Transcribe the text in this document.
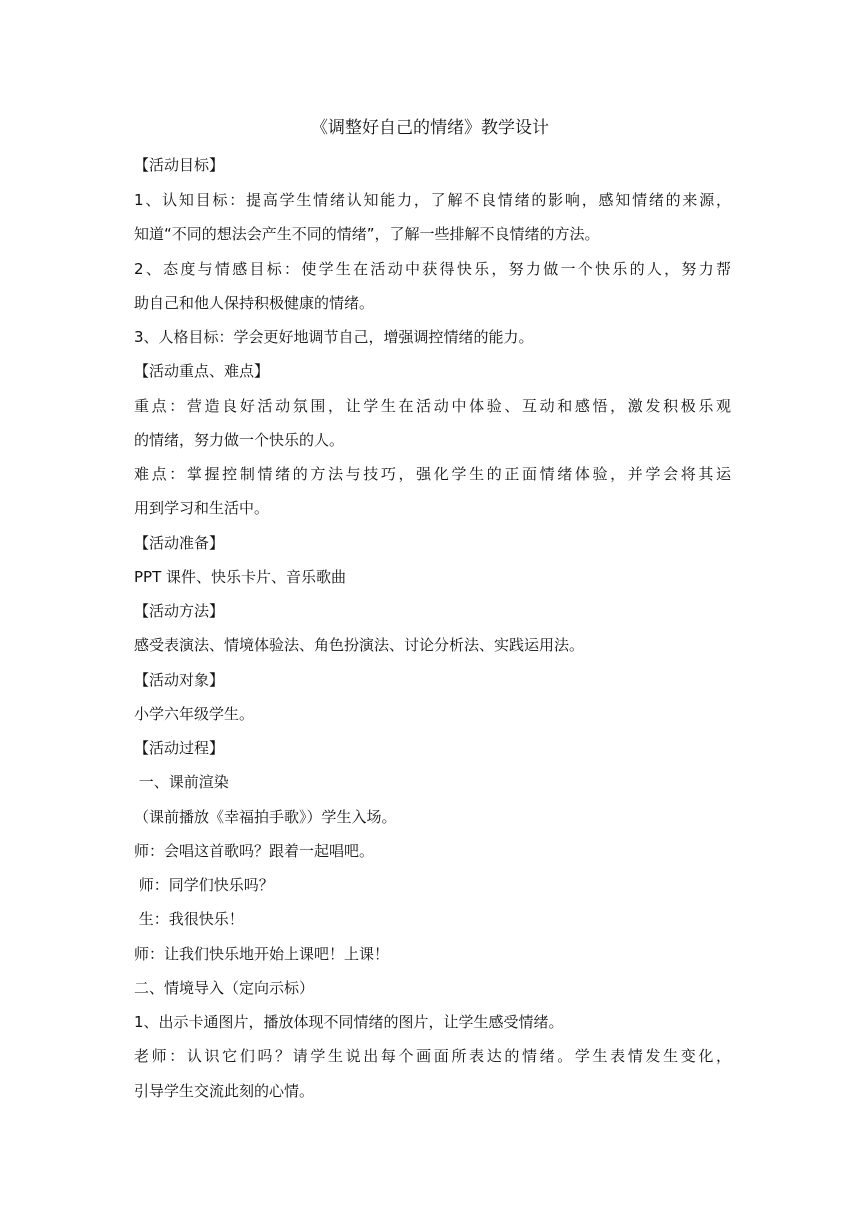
《调整好自己的情绪》教学设计
【活动目标】
1、认知目标：提高学生情绪认知能力，了解不良情绪的影响，感知情绪的来源，
知道“不同的想法会产生不同的情绪”，了解一些排解不良情绪的方法。
2、态度与情感目标：使学生在活动中获得快乐，努力做一个快乐的人，努力帮
助自己和他人保持积极健康的情绪。
3、人格目标：学会更好地调节自己，增强调控情绪的能力。
【活动重点、难点】
重点：营造良好活动氛围，让学生在活动中体验、互动和感悟，激发积极乐观
的情绪，努力做一个快乐的人。
难点：掌握控制情绪的方法与技巧，强化学生的正面情绪体验，并学会将其运
用到学习和生活中。
【活动准备】
PPT 课件、快乐卡片、音乐歌曲
【活动方法】
感受表演法、情境体验法、角色扮演法、讨论分析法、实践运用法。
【活动对象】
小学六年级学生。
【活动过程】
一、课前渲染
（课前播放《幸福拍手歌》）学生入场。
师：会唱这首歌吗？跟着一起唱吧。
师：同学们快乐吗？
生：我很快乐！
师：让我们快乐地开始上课吧！上课！
二、情境导入（定向示标）
1、出示卡通图片，播放体现不同情绪的图片，让学生感受情绪。
老师：认识它们吗？请学生说出每个画面所表达的情绪。学生表情发生变化，
引导学生交流此刻的心情。
